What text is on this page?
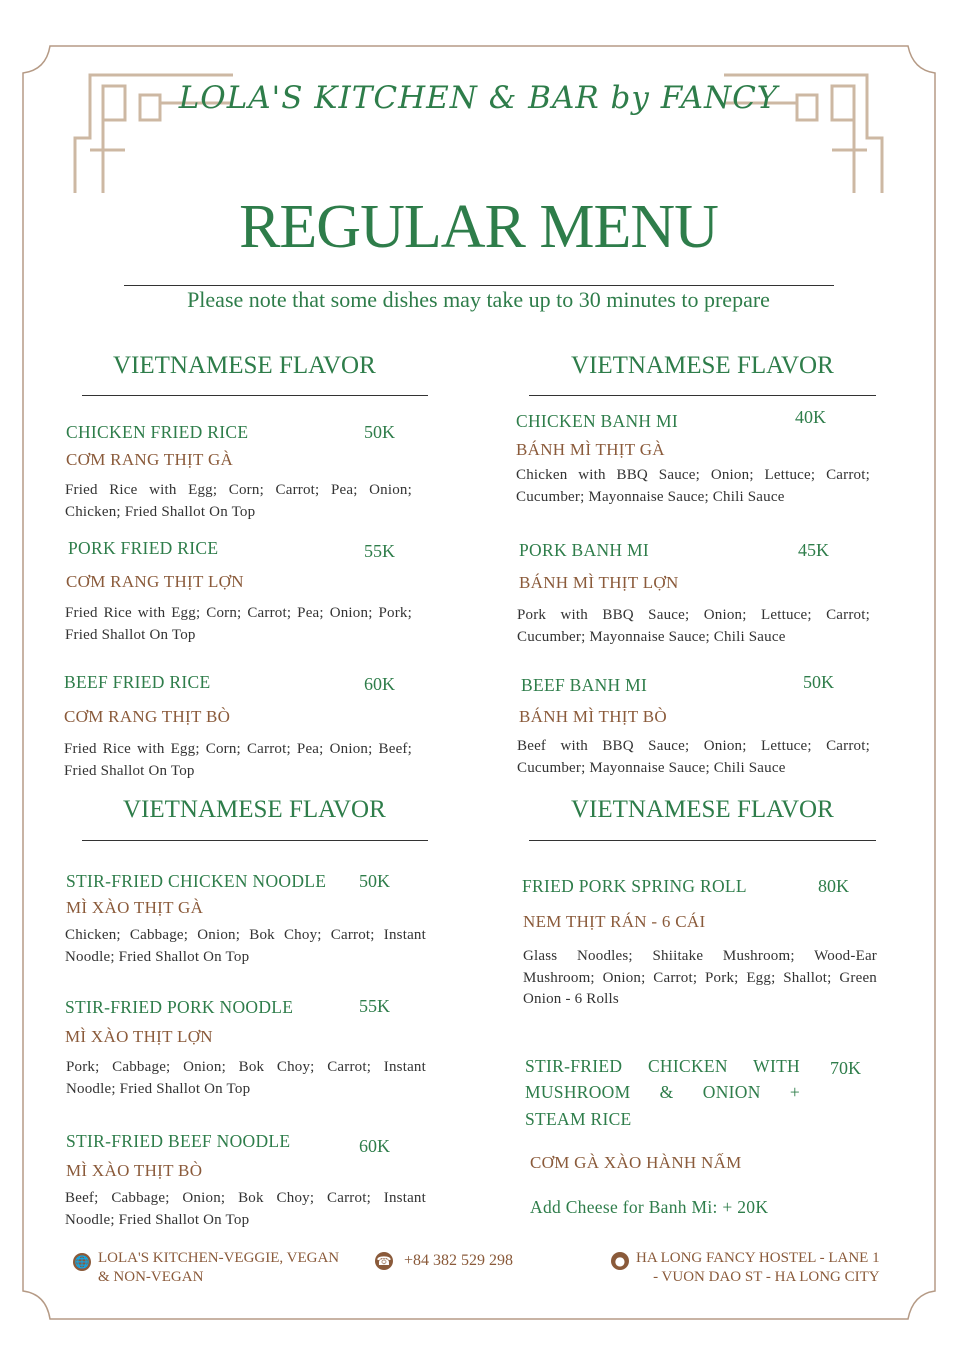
LOLA'S KITCHEN & BAR by FANCY
REGULAR MENU
Please note that some dishes may take up to 30 minutes to prepare
VIETNAMESE FLAVOR	VIETNAMESE FLAVOR
VIETNAMESE FLAVOR	VIETNAMESE FLAVOR
CHICKEN FRIED RICE	50K
CƠM RANG THỊT GÀ
Fried Rice with Egg; Corn; Carrot; Pea; Onion; Chicken; Fried Shallot On Top
PORK FRIED RICE	55K
CƠM RANG THỊT LỢN
Fried Rice with Egg; Corn; Carrot; Pea; Onion; Pork; Fried Shallot On Top
BEEF FRIED RICE	60K
CƠM RANG THỊT BÒ
Fried Rice with Egg; Corn; Carrot; Pea; Onion; Beef; Fried Shallot On Top
CHICKEN BANH MI	40K
BÁNH MÌ THỊT GÀ
Chicken with BBQ Sauce; Onion; Lettuce; Carrot; Cucumber; Mayonnaise Sauce; Chili Sauce
PORK BANH MI	45K
BÁNH MÌ THỊT LỢN
Pork with BBQ Sauce; Onion; Lettuce; Carrot; Cucumber; Mayonnaise Sauce; Chili Sauce
BEEF BANH MI	50K
BÁNH MÌ THỊT BÒ
Beef with BBQ Sauce; Onion; Lettuce; Carrot; Cucumber; Mayonnaise Sauce; Chili Sauce
STIR-FRIED CHICKEN NOODLE 50K
MÌ XÀO THỊT GÀ
Chicken; Cabbage; Onion; Bok Choy; Carrot; Instant Noodle; Fried Shallot On Top
STIR-FRIED PORK NOODLE	55K
MÌ XÀO THỊT LỢN
Pork; Cabbage; Onion; Bok Choy; Carrot; Instant Noodle; Fried Shallot On Top
STIR-FRIED BEEF NOODLE	60K
MÌ XÀO THỊT BÒ
Beef; Cabbage; Onion; Bok Choy; Carrot; Instant Noodle; Fried Shallot On Top
FRIED PORK SPRING ROLL	80K
NEM THỊT RÁN - 6 CÁI
Glass Noodles; Shiitake Mushroom; Wood-Ear Mushroom; Onion; Carrot; Pork; Egg; Shallot; Green Onion - 6 Rolls
STIR-FRIED CHICKEN WITH
MUSHROOM & ONION +
STEAM RICE
70K
CƠM GÀ XÀO HÀNH NẤM
Add Cheese for Banh Mi: + 20K
🌐 LOLA'S KITCHEN-VEGGIE, VEGAN
& NON-VEGAN
☎ +84 382 529 298	● HA LONG FANCY HOSTEL - LANE 1
- VUON DAO ST - HA LONG CITY
